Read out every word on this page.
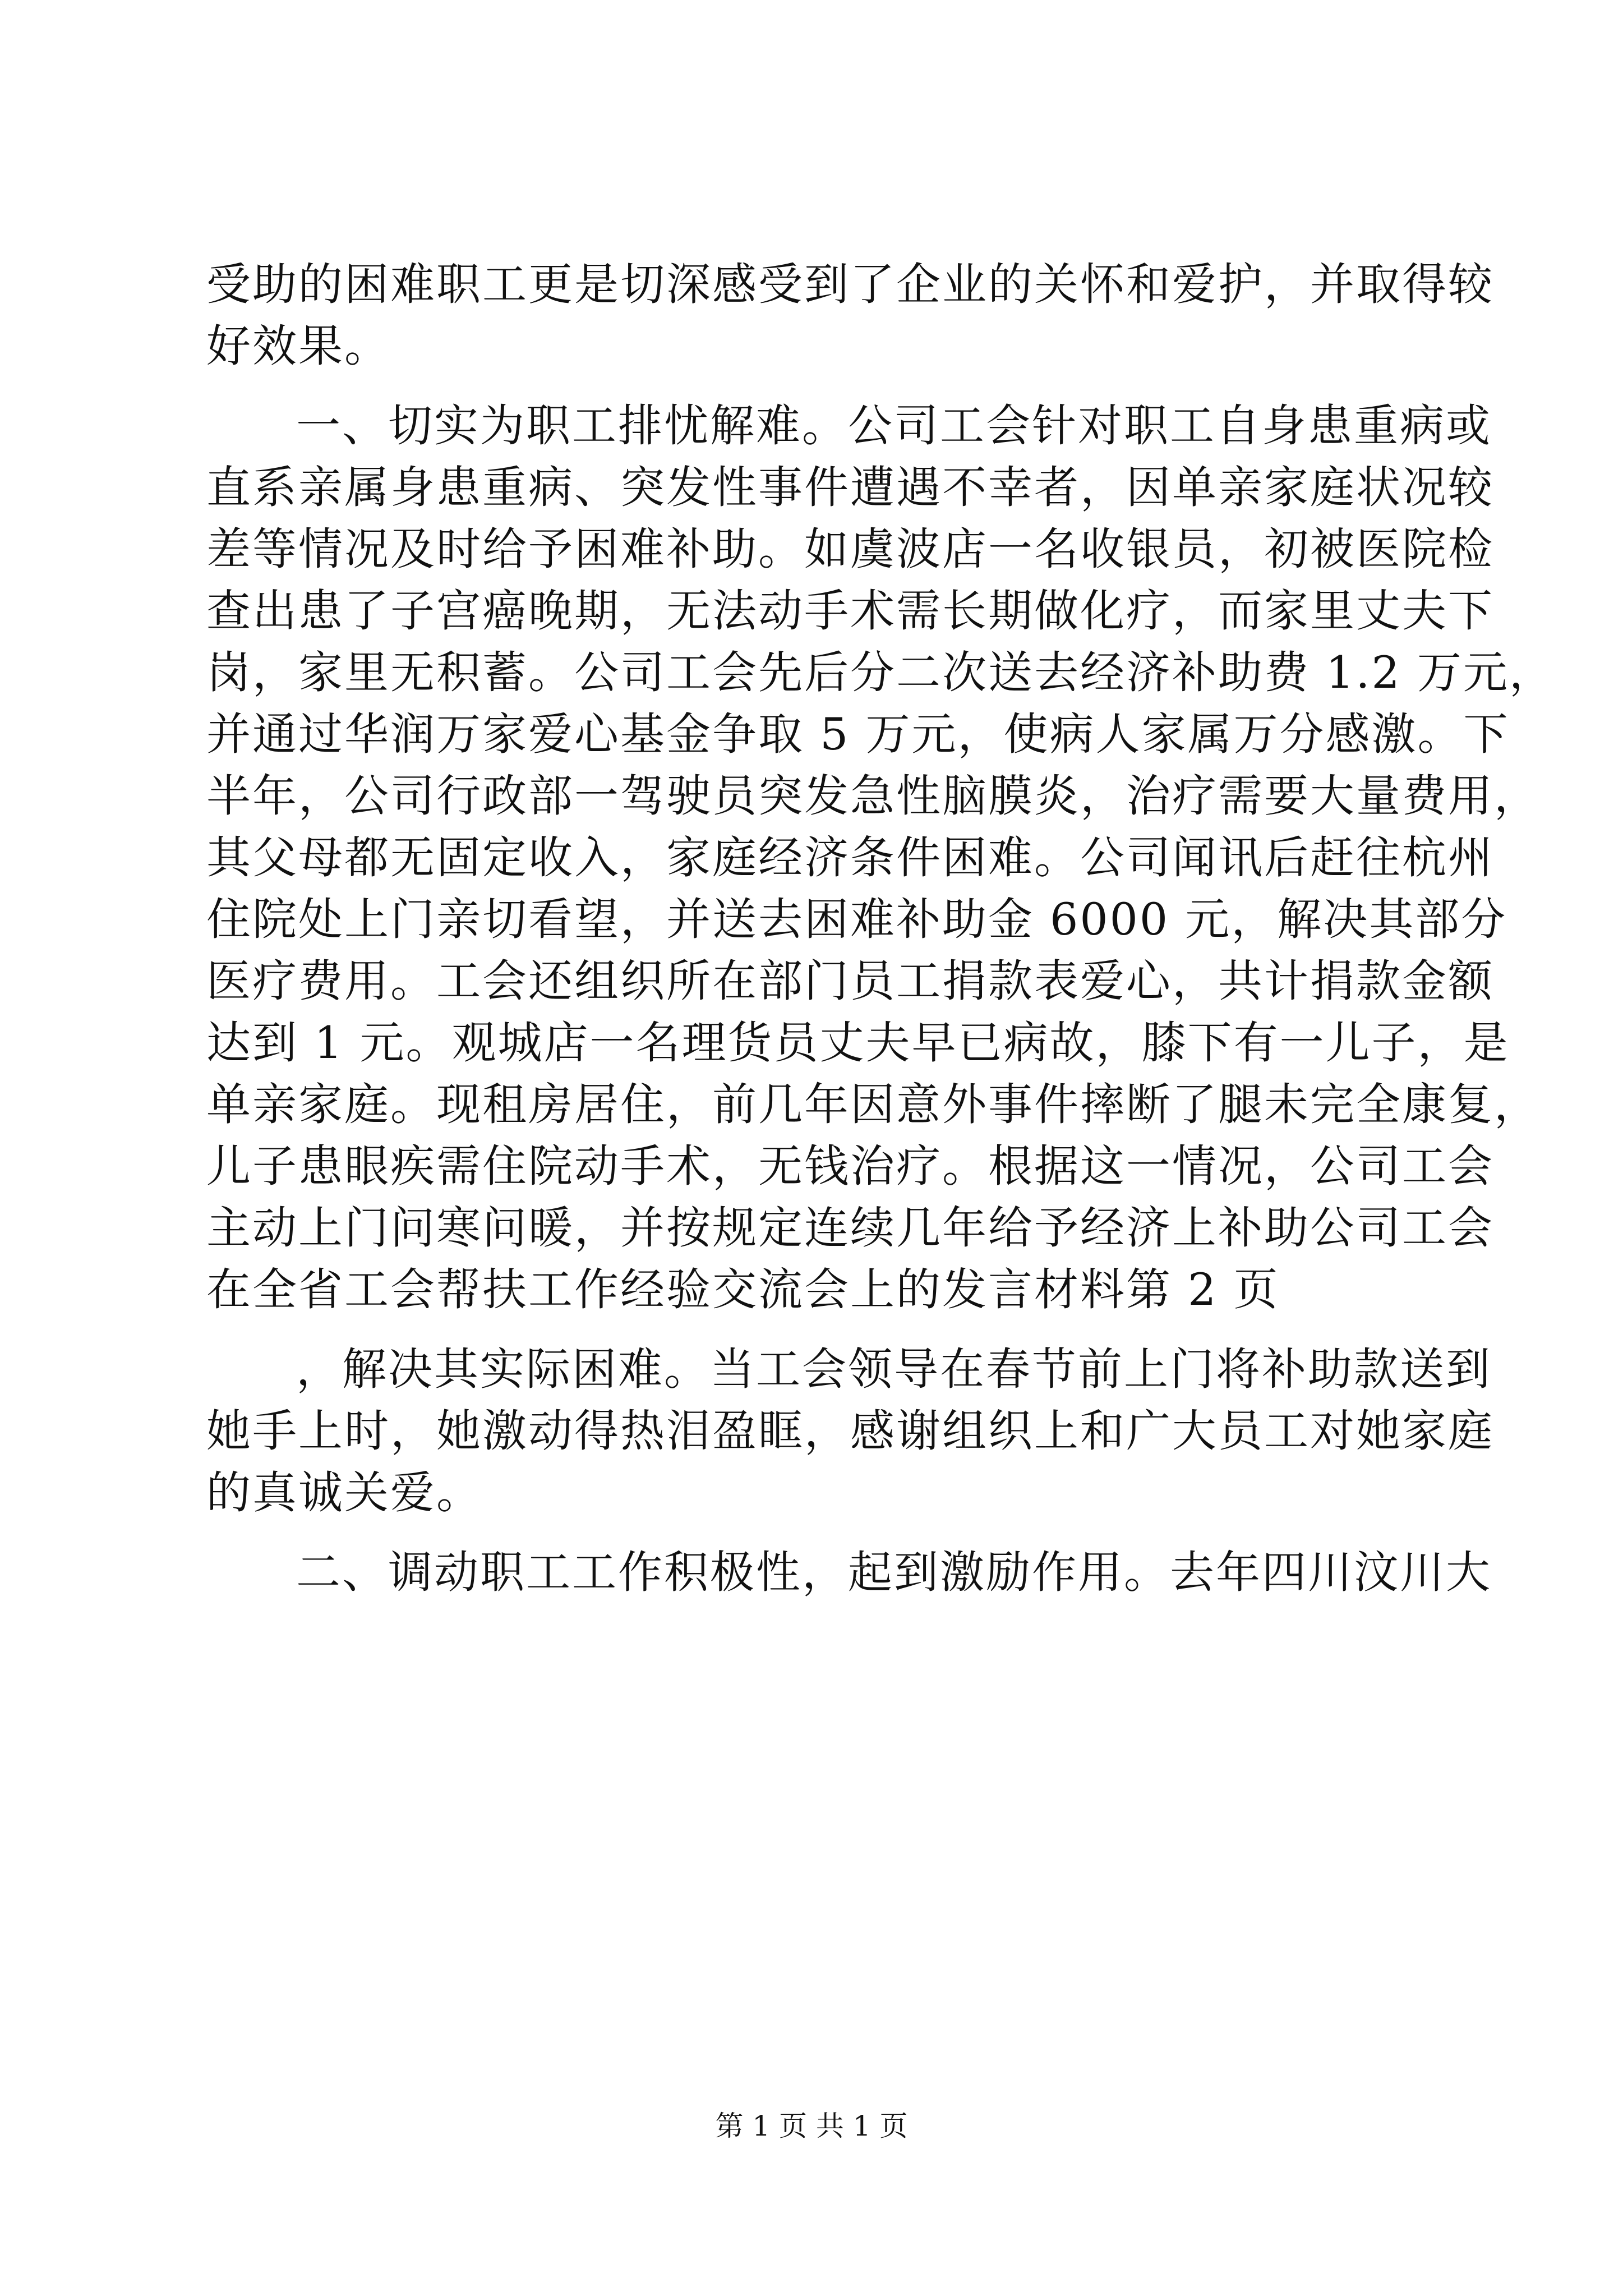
受助的困难职工更是切深感受到了企业的关怀和爱护，并取得较
好效果。
一、切实为职工排忧解难。公司工会针对职工自身患重病或
直系亲属身患重病、突发性事件遭遇不幸者，因单亲家庭状况较
差等情况及时给予困难补助。如虞波店一名收银员，初被医院检
查出患了子宫癌晚期，无法动手术需长期做化疗，而家里丈夫下
岗，家里无积蓄。公司工会先后分二次送去经济补助费 1.2 万元，
并通过华润万家爱心基金争取 5 万元，使病人家属万分感激。下
半年，公司行政部一驾驶员突发急性脑膜炎，治疗需要大量费用，
其父母都无固定收入，家庭经济条件困难。公司闻讯后赶往杭州
住院处上门亲切看望，并送去困难补助金 6000 元，解决其部分
医疗费用。工会还组织所在部门员工捐款表爱心，共计捐款金额
达到 1 元。观城店一名理货员丈夫早已病故，膝下有一儿子，是
单亲家庭。现租房居住，前几年因意外事件摔断了腿未完全康复，
儿子患眼疾需住院动手术，无钱治疗。根据这一情况，公司工会
主动上门问寒问暖，并按规定连续几年给予经济上补助公司工会
在全省工会帮扶工作经验交流会上的发言材料第 2 页
，解决其实际困难。当工会领导在春节前上门将补助款送到
她手上时，她激动得热泪盈眶，感谢组织上和广大员工对她家庭
的真诚关爱。
二、调动职工工作积极性，起到激励作用。去年四川汶川大
第 1 页 共 1 页
